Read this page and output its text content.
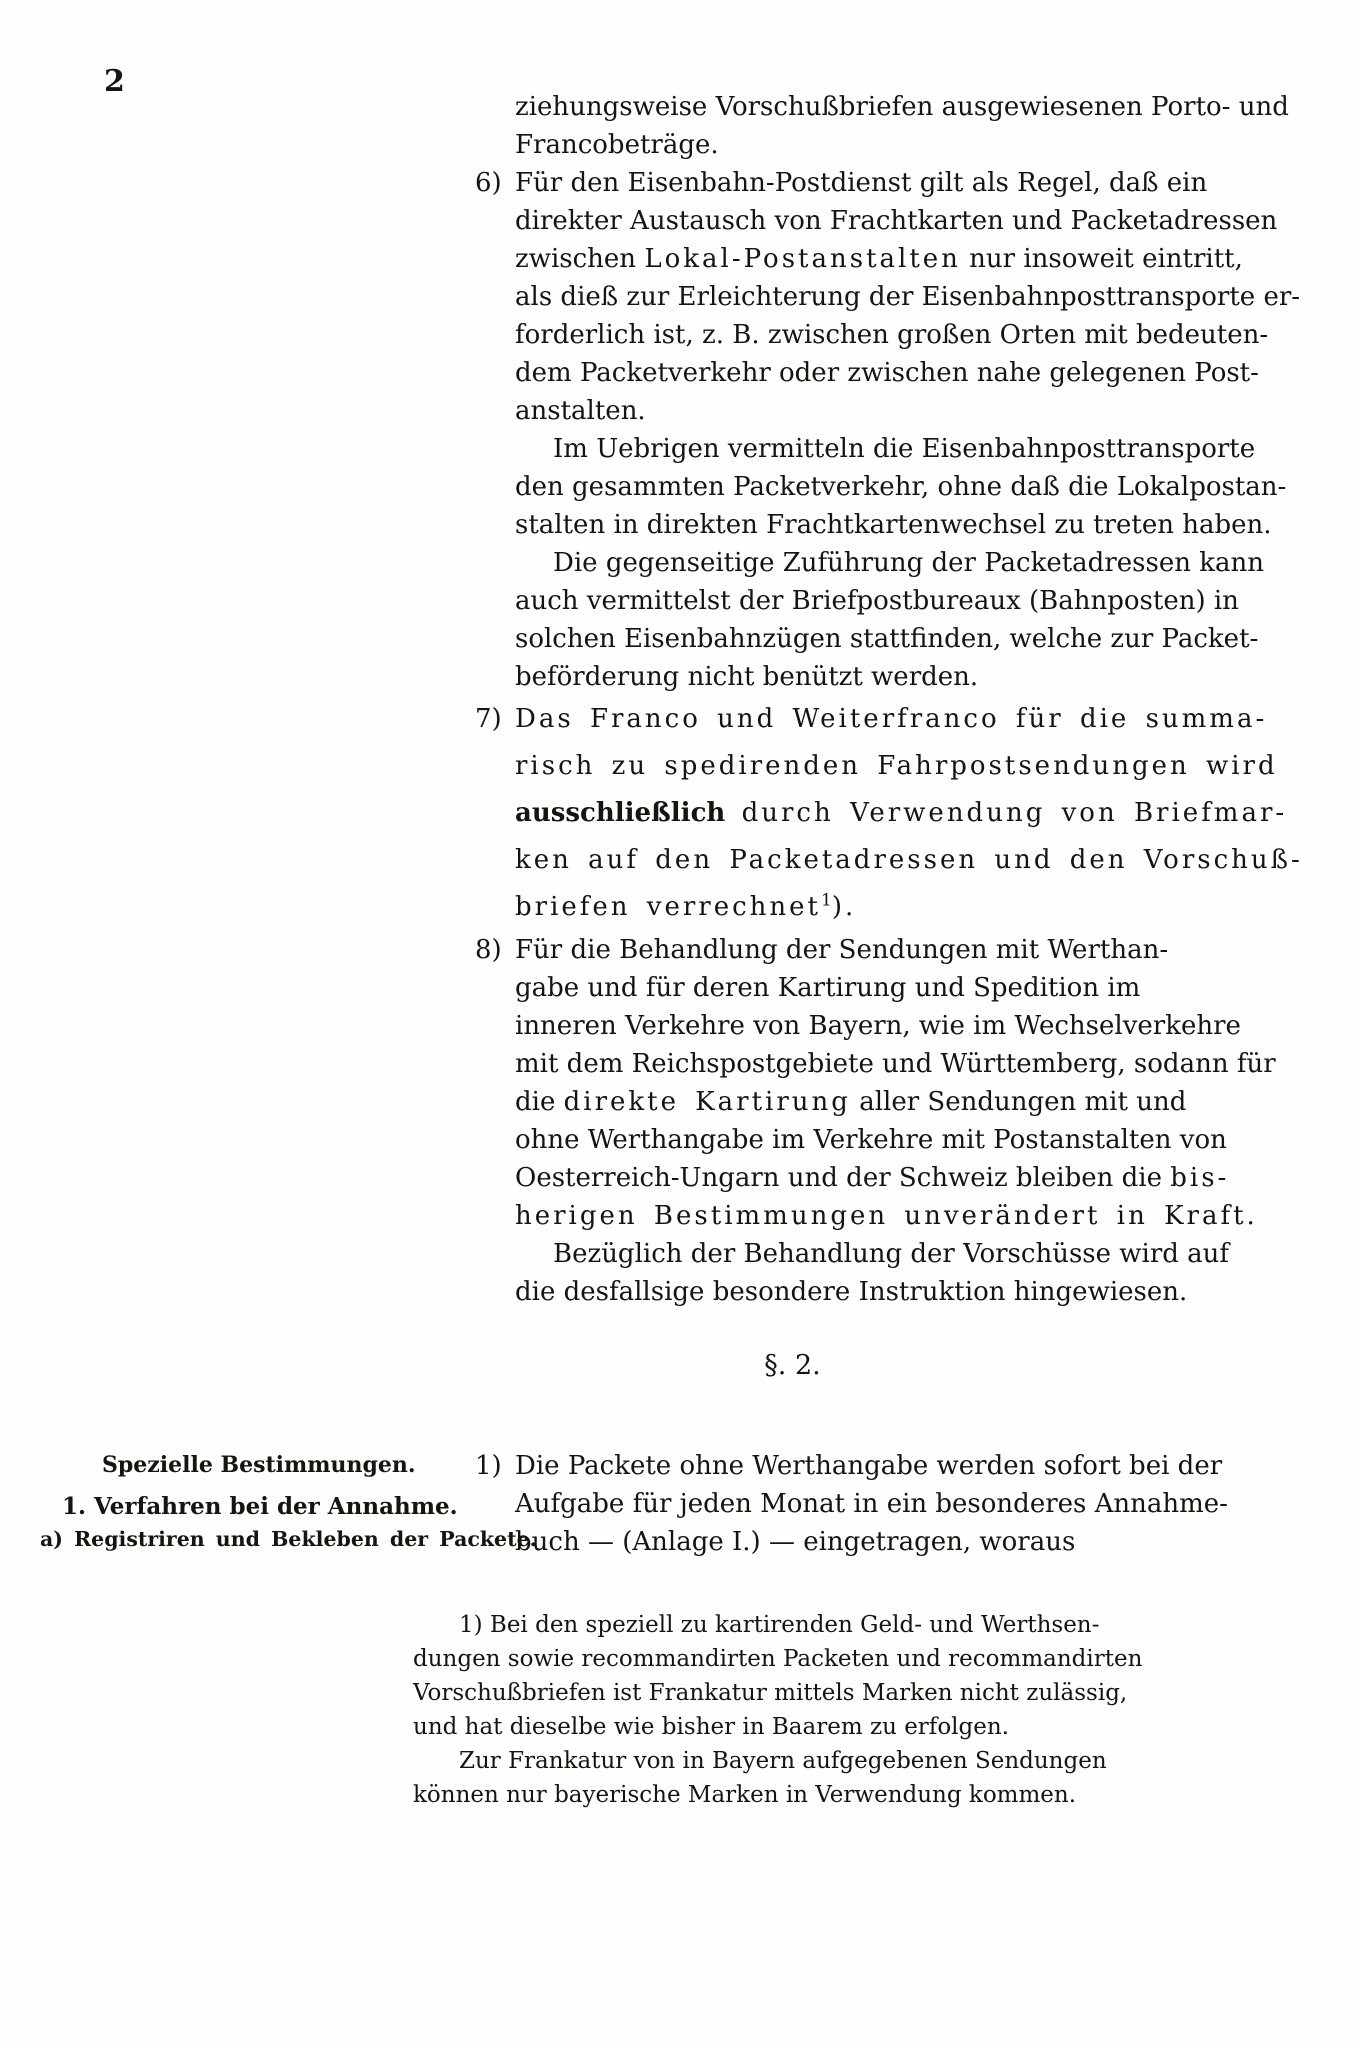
2
ziehungsweise Vorschußbriefen ausgewiesenen Porto- und
Francobeträge.
6) Für den Eisenbahn-Postdienst gilt als Regel, daß ein
direkter Austausch von Frachtkarten und Packetadressen
zwischen Lokal-Postanstalten nur insoweit eintritt,
als dieß zur Erleichterung der Eisenbahnposttransporte er-
forderlich ist, z. B. zwischen großen Orten mit bedeuten-
dem Packetverkehr oder zwischen nahe gelegenen Post-
anstalten.
Im Uebrigen vermitteln die Eisenbahnposttransporte
den gesammten Packetverkehr, ohne daß die Lokalpostan-
stalten in direkten Frachtkartenwechsel zu treten haben.
Die gegenseitige Zuführung der Packetadressen kann
auch vermittelst der Briefpostbureaux (Bahnposten) in
solchen Eisenbahnzügen stattfinden, welche zur Packet-
beförderung nicht benützt werden.
7) Das Franco und Weiterfranco für die summa-
risch zu spedirenden Fahrpostsendungen wird
ausschließlich durch Verwendung von Briefmar-
ken auf den Packetadressen und den Vorschuß-
briefen verrechnet$^1$).
8) Für die Behandlung der Sendungen mit Werthan-
gabe und für deren Kartirung und Spedition im
inneren Verkehre von Bayern, wie im Wechselverkehre
mit dem Reichspostgebiete und Württemberg, sodann für
die direkte Kartirung aller Sendungen mit und
ohne Werthangabe im Verkehre mit Postanstalten von
Oesterreich-Ungarn und der Schweiz bleiben die bis-
herigen Bestimmungen unverändert in Kraft.
Bezüglich der Behandlung der Vorschüsse wird auf
die desfallsige besondere Instruktion hingewiesen.
§. 2.
1) Die Packete ohne Werthangabe werden sofort bei der
Aufgabe für jeden Monat in ein besonderes Annahme-
buch — (Anlage I.) — eingetragen, woraus
Spezielle Bestimmungen.
1. Verfahren bei der Annahme.
a) Registriren und Bekleben der Packete.
1) Bei den speziell zu kartirenden Geld- und Werthsen-
dungen sowie recommandirten Packeten und recommandirten
Vorschußbriefen ist Frankatur mittels Marken nicht zulässig,
und hat dieselbe wie bisher in Baarem zu erfolgen.
Zur Frankatur von in Bayern aufgegebenen Sendungen
können nur bayerische Marken in Verwendung kommen.
